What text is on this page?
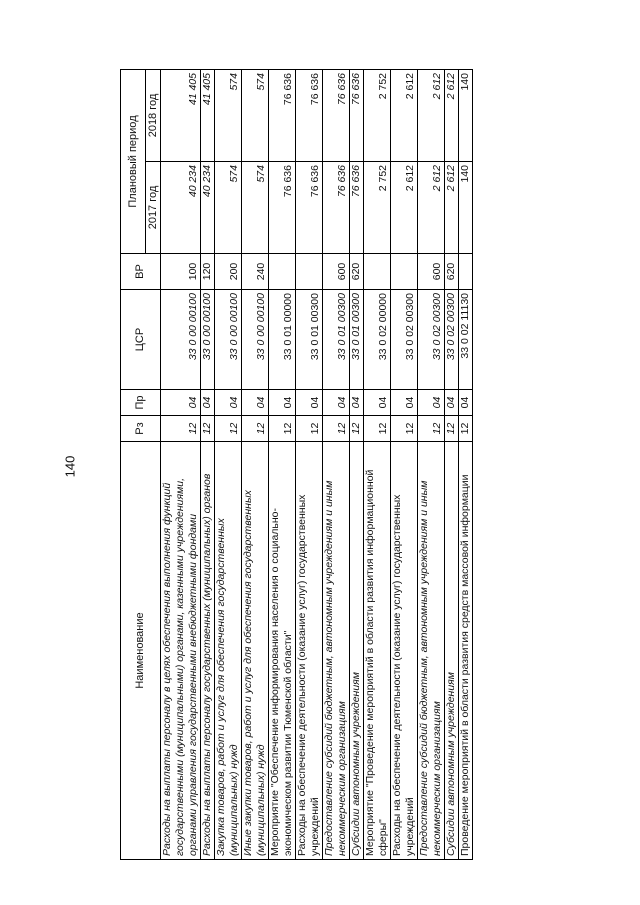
140
Наименование	Рз	Пр	ЦСР	ВР	Плановый период	
					2017 год	2018 год
Расходы на выплаты персоналу в целях обеспечения выполнения функций государственными (муниципальными) органами, казенными учреждениями, органами управления государственными внебюджетными фондами	12	04	33 0 00 00100	100	40 234	41 405
Расходы на выплаты персоналу государственных (муниципальных) органов	12	04	33 0 00 00100	120	40 234	41 405
Закупка товаров, работ и услуг для обеспечения государственных (муниципальных) нужд	12	04	33 0 00 00100	200	574	574
Иные закупки товаров, работ и услуг для обеспечения государственных (муниципальных) нужд	12	04	33 0 00 00100	240	574	574
Мероприятие "Обеспечение информирования населения о социально-экономическом развитии Тюменской области"	12	04	33 0 01 00000		76 636	76 636
Расходы на обеспечение деятельности (оказание услуг) государственных учреждений	12	04	33 0 01 00300		76 636	76 636
Предоставление субсидий бюджетным, автономным учреждениям и иным некоммерческим организациям	12	04	33 0 01 00300	600	76 636	76 636
Субсидии автономным учреждениям	12	04	33 0 01 00300	620	76 636	76 636
Мероприятие "Проведение мероприятий в области развития информационной сферы"	12	04	33 0 02 00000		2 752	2 752
Расходы на обеспечение деятельности (оказание услуг) государственных учреждений	12	04	33 0 02 00300		2 612	2 612
Предоставление субсидий бюджетным, автономным учреждениям и иным некоммерческим организациям	12	04	33 0 02 00300	600	2 612	2 612
Субсидии автономным учреждениям	12	04	33 0 02 00300	620	2 612	2 612
Проведение мероприятий в области развития средств массовой информации	12	04	33 0 02 11130		140	140
